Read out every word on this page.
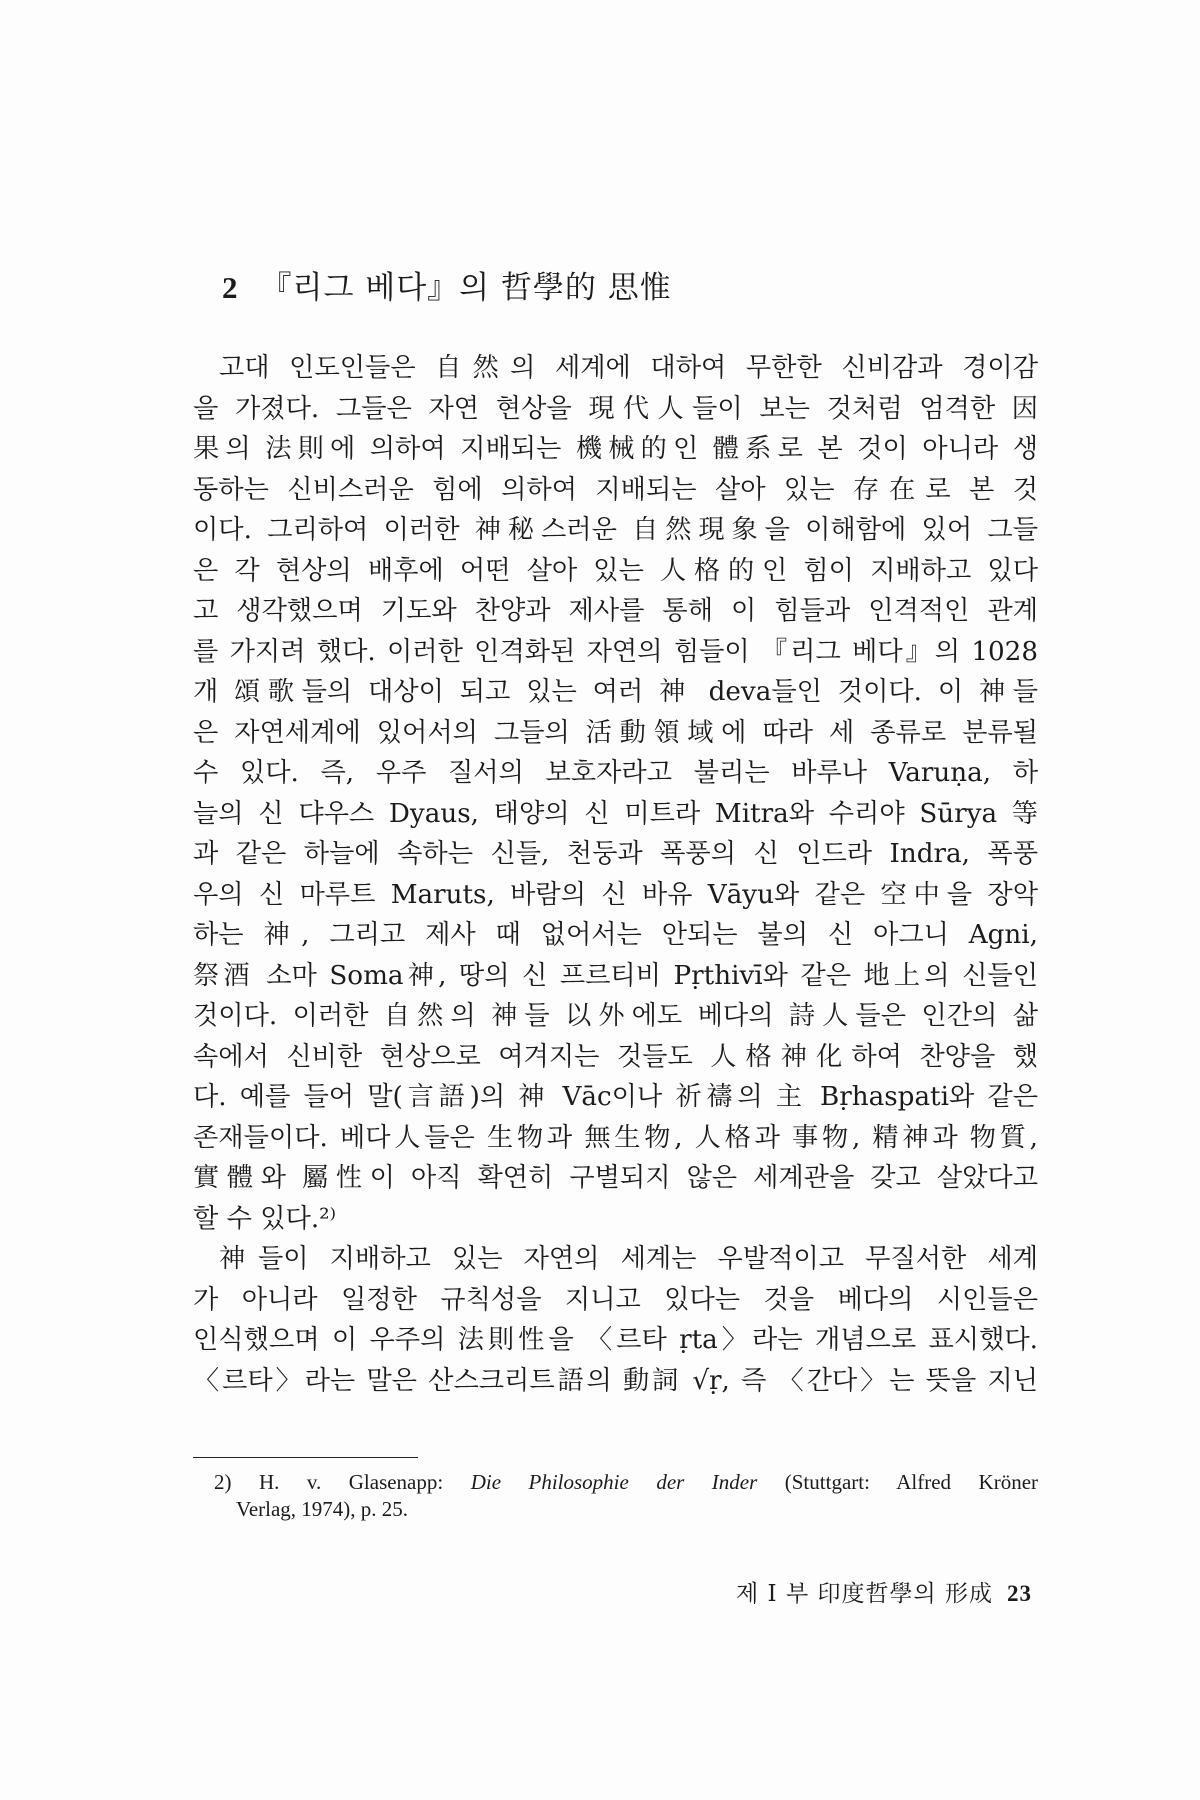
2 『리그 베다』의 哲學的 思惟
고대 인도인들은 自然의 세계에 대하여 무한한 신비감과 경이감
을 가졌다. 그들은 자연 현상을 現代人들이 보는 것처럼 엄격한 因
果의 法則에 의하여 지배되는 機械的인 體系로 본 것이 아니라 생
동하는 신비스러운 힘에 의하여 지배되는 살아 있는 存在로 본 것
이다. 그리하여 이러한 神秘스러운 自然現象을 이해함에 있어 그들
은 각 현상의 배후에 어떤 살아 있는 人格的인 힘이 지배하고 있다
고 생각했으며 기도와 찬양과 제사를 통해 이 힘들과 인격적인 관계
를 가지려 했다. 이러한 인격화된 자연의 힘들이 『리그 베다』의 1028
개 頌歌들의 대상이 되고 있는 여러 神 deva들인 것이다. 이 神들
은 자연세계에 있어서의 그들의 活動領域에 따라 세 종류로 분류될
수 있다. 즉, 우주 질서의 보호자라고 불리는 바루나 Varuṇa, 하
늘의 신 댜우스 Dyaus, 태양의 신 미트라 Mitra와 수리야 Sūrya 等
과 같은 하늘에 속하는 신들, 천둥과 폭풍의 신 인드라 Indra, 폭풍
우의 신 마루트 Maruts, 바람의 신 바유 Vāyu와 같은 空中을 장악
하는 神, 그리고 제사 때 없어서는 안되는 불의 신 아그니 Agni,
祭酒 소마 Soma神, 땅의 신 프르티비 Pṛthivī와 같은 地上의 신들인
것이다. 이러한 自然의 神들 以外에도 베다의 詩人들은 인간의 삶
속에서 신비한 현상으로 여겨지는 것들도 人格神化하여 찬양을 했
다. 예를 들어 말(言語)의 神 Vāc이나 祈禱의 主 Bṛhaspati와 같은
존재들이다. 베다人들은 生物과 無生物, 人格과 事物, 精神과 物質,
實體와 屬性이 아직 확연히 구별되지 않은 세계관을 갖고 살았다고
할 수 있다.²⁾
神들이 지배하고 있는 자연의 세계는 우발적이고 무질서한 세계
가 아니라 일정한 규칙성을 지니고 있다는 것을 베다의 시인들은
인식했으며 이 우주의 法則性을 〈르타 ṛta〉라는 개념으로 표시했다.
〈르타〉라는 말은 산스크리트語의 動詞 √ṛ, 즉 〈간다〉는 뜻을 지닌
2) H. v. Glasenapp: Die Philosophie der Inder (Stuttgart: Alfred Kröner
Verlag, 1974), p. 25.
제 I 부 印度哲學의 形成 23
